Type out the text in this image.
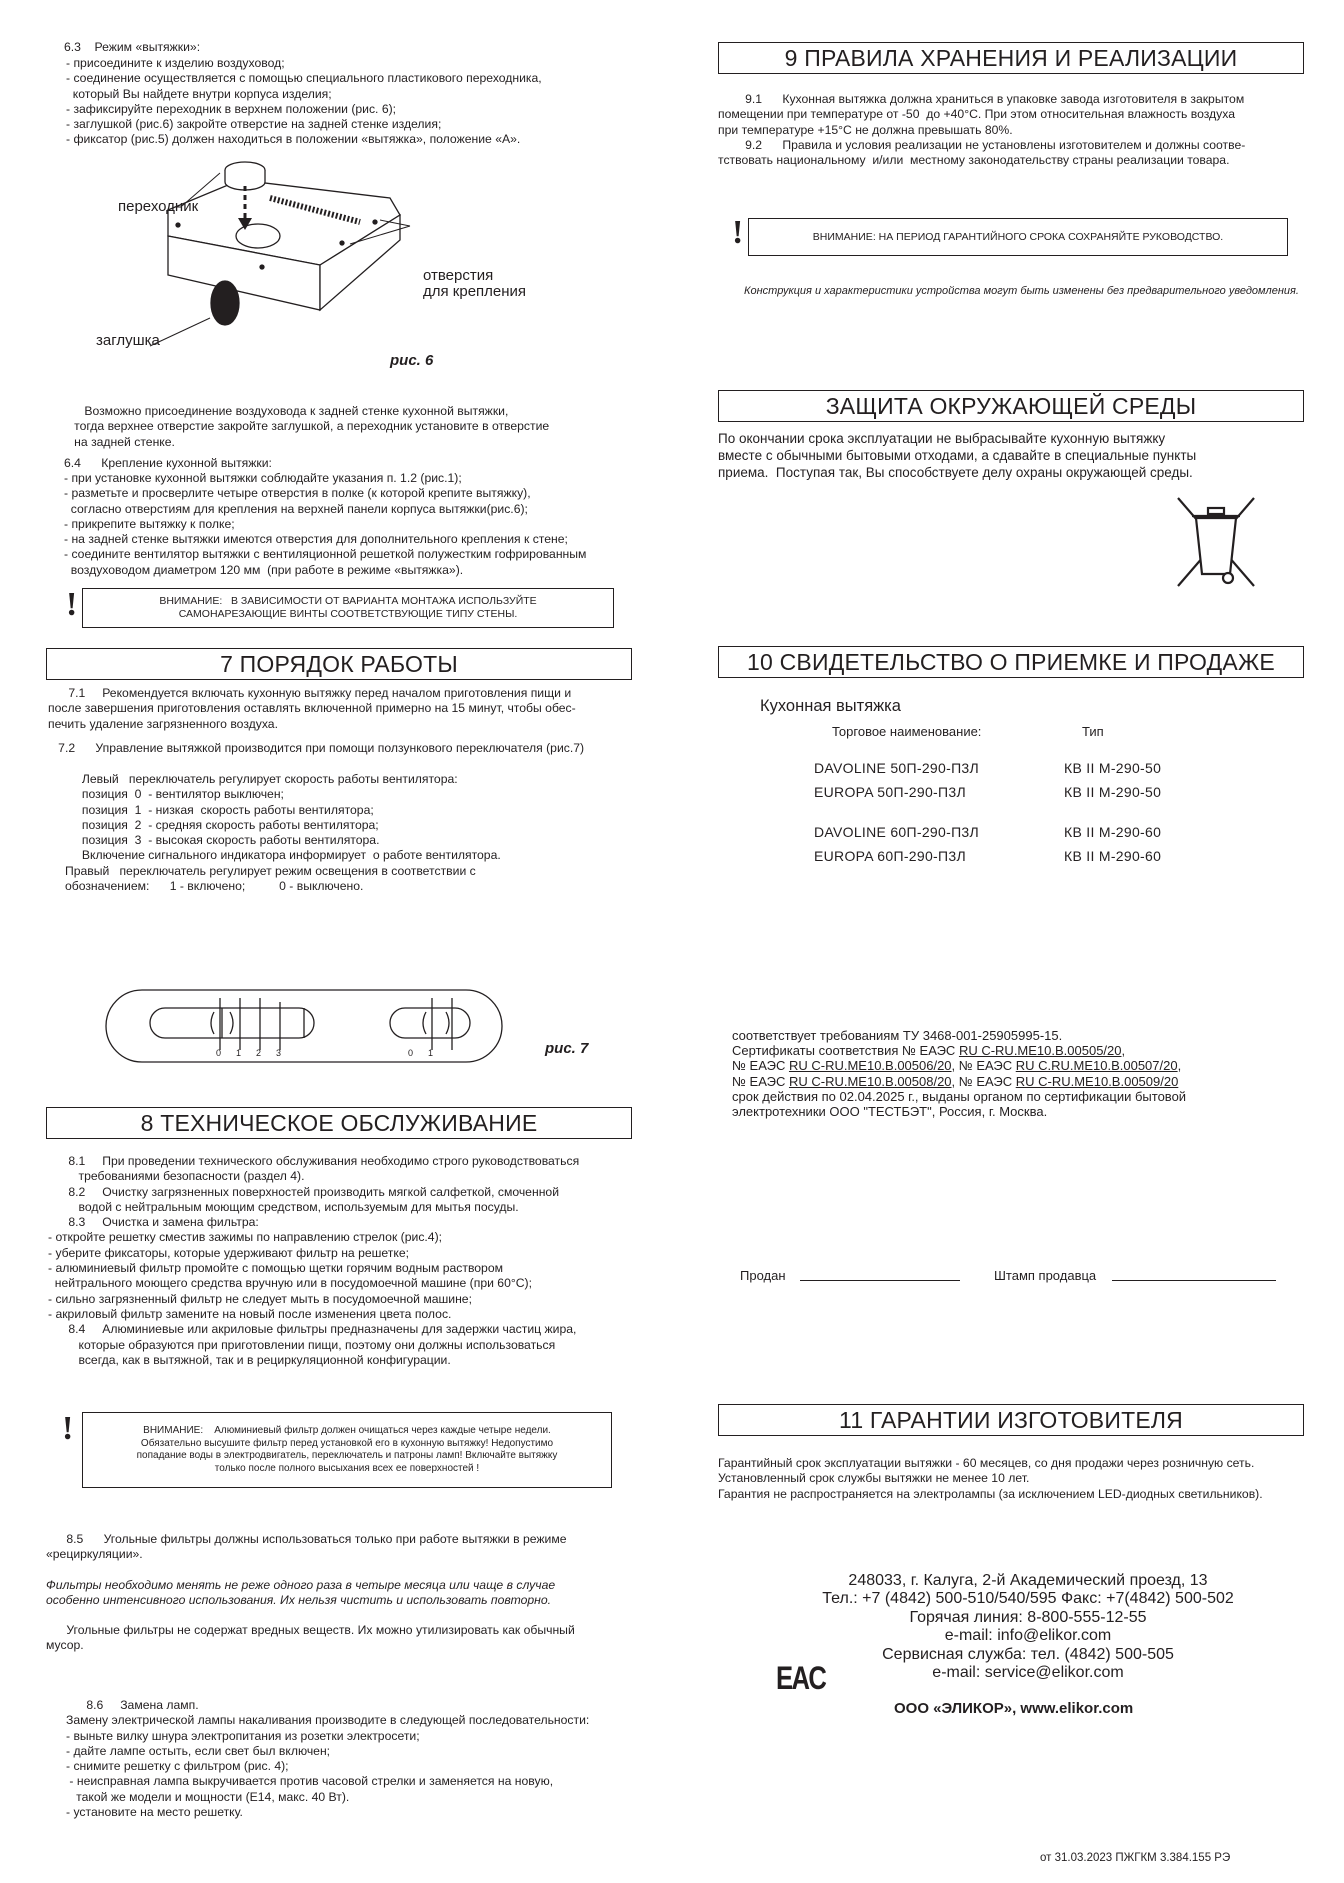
6.3    Режим «вытяжки»:
- присоедините к изделию воздуховод;
- соединение осуществляется с помощью специального пластикового переходника,
который Вы найдете внутри корпуса изделия;
- зафиксируйте переходник в верхнем положении (рис. 6);
- заглушкой (рис.6) закройте отверстие на задней стенке изделия;
- фиксатор (рис.5) должен находиться в положении «вытяжка», положение «А».
переходник
отверстия
для крепления
заглушка
рис. 6
Возможно присоединение воздуховода к задней стенке кухонной вытяжки,
тогда верхнее отверстие закройте заглушкой, а переходник установите в отверстие
на задней стенке.
6.4      Крепление кухонной вытяжки:
- при установке кухонной вытяжки соблюдайте указания п. 1.2 (рис.1);
- разметьте и просверлите четыре отверстия в полке (к которой крепите вытяжку),
согласно отверстиям для крепления на верхней панели корпуса вытяжки(рис.6);
- прикрепите вытяжку к полке;
- на задней стенке вытяжки имеются отверстия для дополнительного крепления к стене;
- соедините вентилятор вытяжки с вентиляционной решеткой полужестким гофрированным
воздуховодом диаметром 120 мм  (при работе в режиме «вытяжка»).
!	ВНИМАНИЕ:   В ЗАВИСИМОСТИ ОТ ВАРИАНТА МОНТАЖА ИСПОЛЬЗУЙТЕ
САМОНАРЕЗАЮЩИЕ ВИНТЫ СООТВЕТСТВУЮЩИЕ ТИПУ СТЕНЫ.
7 ПОРЯДОК РАБОТЫ
7.1     Рекомендуется включать кухонную вытяжку перед началом приготовления пищи и
после завершения приготовления оставлять включенной примерно на 15 минут, чтобы обес-
печить удаление загрязненного воздуха.
7.2      Управление вытяжкой производится при помощи ползункового переключателя (рис.7)
Левый   переключатель регулирует скорость работы вентилятора:
позиция  0  - вентилятор выключен;
позиция  1  - низкая  скорость работы вентилятора;
позиция  2  - средняя скорость работы вентилятора;
позиция  3  - высокая скорость работы вентилятора.
Включение сигнального индикатора информирует  о работе вентилятора.
Правый   переключатель регулирует режим освещения в соответствии с
обозначением:      1 - включено;          0 - выключено.
0 1 2 3	0 1	рис. 7
8 ТЕХНИЧЕСКОЕ ОБСЛУЖИВАНИЕ
8.1     При проведении технического обслуживания необходимо строго руководствоваться
требованиями безопасности (раздел 4).
8.2     Очистку загрязненных поверхностей производить мягкой салфеткой, смоченной
водой с нейтральным моющим средством, используемым для мытья посуды.
8.3     Очистка и замена фильтра:
- откройте решетку сместив зажимы по направлению стрелок (рис.4);
- уберите фиксаторы, которые удерживают фильтр на решетке;
- алюминиевый фильтр промойте с помощью щетки горячим водным раствором
нейтрального моющего средства вручную или в посудомоечной машине (при 60°С);
- сильно загрязненный фильтр не следует мыть в посудомоечной машине;
- акриловый фильтр замените на новый после изменения цвета полос.
8.4     Алюминиевые или акриловые фильтры предназначены для задержки частиц жира,
которые образуются при приготовлении пищи, поэтому они должны использоваться
всегда, как в вытяжной, так и в рециркуляционной конфигурации.
!	ВНИМАНИЕ:    Алюминиевый фильтр должен очищаться через каждые четыре недели.
Обязательно высушите фильтр перед установкой его в кухонную вытяжку! Недопустимо
попадание воды в электродвигатель, переключатель и патроны ламп! Включайте вытяжку
только после полного высыхания всех ее поверхностей !
8.5      Угольные фильтры должны использоваться только при работе вытяжки в режиме
«рециркуляции».
Фильтры необходимо менять не реже одного раза в четыре месяца или чаще в случае
особенно интенсивного использования. Их нельзя чистить и использовать повторно.
Угольные фильтры не содержат вредных веществ. Их можно утилизировать как обычный
мусор.
8.6     Замена ламп.
Замену электрической лампы накаливания производите в следующей последовательности:
- выньте вилку шнура электропитания из розетки электросети;
- дайте лампе остыть, если свет был включен;
- снимите решетку с фильтром (рис. 4);
- неисправная лампа выкручивается против часовой стрелки и заменяется на новую,
такой же модели и мощности (Е14, макс. 40 Вт).
- установите на место решетку.
9 ПРАВИЛА ХРАНЕНИЯ И РЕАЛИЗАЦИИ
9.1      Кухонная вытяжка должна храниться в упаковке завода изготовителя в закрытом
помещении при температуре от -50  до +40°С. При этом относительная влажность воздуха
при температуре +15°С не должна превышать 80%.
9.2      Правила и условия реализации не установлены изготовителем и должны соотве-
тствовать национальному  и/или  местному законодательству страны реализации товара.
!	ВНИМАНИЕ: НА ПЕРИОД ГАРАНТИЙНОГО СРОКА СОХРАНЯЙТЕ РУКОВОДСТВО.
Конструкция и характеристики устройства могут быть изменены без предварительного уведомления.
ЗАЩИТА ОКРУЖАЮЩЕЙ СРЕДЫ
По окончании срока эксплуатации не выбрасывайте кухонную вытяжку
вместе с обычными бытовыми отходами, а сдавайте в специальные пункты
приема.  Поступая так, Вы способствуете делу охраны окружающей среды.
10 СВИДЕТЕЛЬСТВО О ПРИЕМКЕ И ПРОДАЖЕ
Кухонная вытяжка
Торговое наименование:	Тип
DAVOLINE 50П-290-П3Л	КВ II М-290-50
EUROPA 50П-290-П3Л	КВ II М-290-50
DAVOLINE 60П-290-П3Л	КВ II М-290-60
EUROPA 60П-290-П3Л	КВ II М-290-60
соответствует требованиям ТУ 3468-001-25905995-15.
Сертификаты соответствия № ЕАЭС RU C-RU.МЕ10.В.00505/20,
№ ЕАЭС RU C-RU.МЕ10.В.00506/20, № ЕАЭС RU C.RU.МЕ10.В.00507/20,
№ ЕАЭС RU C-RU.МЕ10.В.00508/20, № ЕАЭС RU C-RU.МЕ10.В.00509/20
срок действия по 02.04.2025 г., выданы органом по сертификации бытовой
электротехники ООО "ТЕСТБЭТ", Россия, г. Москва.
Продан	Штамп продавца
11 ГАРАНТИИ ИЗГОТОВИТЕЛЯ
Гарантийный срок эксплуатации вытяжки - 60 месяцев, со дня продажи через розничную сеть.
Установленный срок службы вытяжки не менее 10 лет.
Гарантия не распространяется на электролампы (за исключением LED-диодных светильников).
248033, г. Калуга, 2-й Академический проезд, 13
Тел.: +7 (4842) 500-510/540/595 Факс: +7(4842) 500-502
Горячая линия: 8-800-555-12-55
e-mail: info@elikor.com
Сервисная служба: тел. (4842) 500-505
e-mail: service@elikor.com
EAC
ООО «ЭЛИКОР», www.elikor.com
от 31.03.2023 ПЖГКМ 3.384.155 РЭ
